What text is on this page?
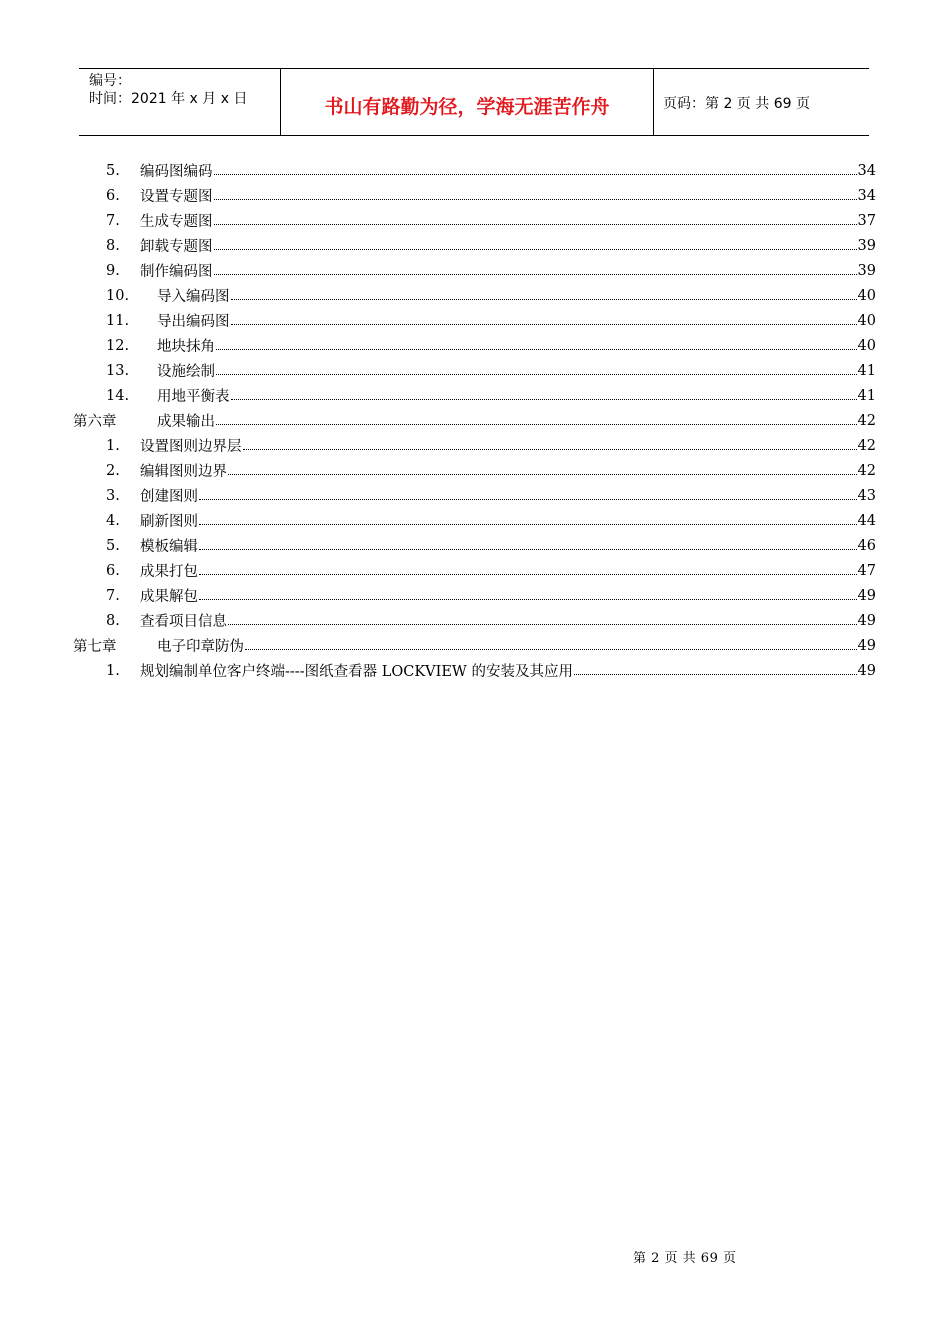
编号：
时间：2021 年 x 月 x 日	书山有路勤为径，学海无涯苦作舟	页码：第 2 页 共 69 页
5.	编码图编码	34
6.	设置专题图	34
7.	生成专题图	37
8.	卸载专题图	39
9.	制作编码图	39
10.	导入编码图	40
11.	导出编码图	40
12.	地块抹角	40
13.	设施绘制	41
14.	用地平衡表	41
第六章	成果输出	42
1.	设置图则边界层	42
2.	编辑图则边界	42
3.	创建图则	43
4.	刷新图则	44
5.	模板编辑	46
6.	成果打包	47
7.	成果解包	49
8.	查看项目信息	49
第七章	电子印章防伪	49
1.	规划编制单位客户终端----图纸查看器 LOCKVIEW 的安装及其应用	49
第 2 页 共 69 页
